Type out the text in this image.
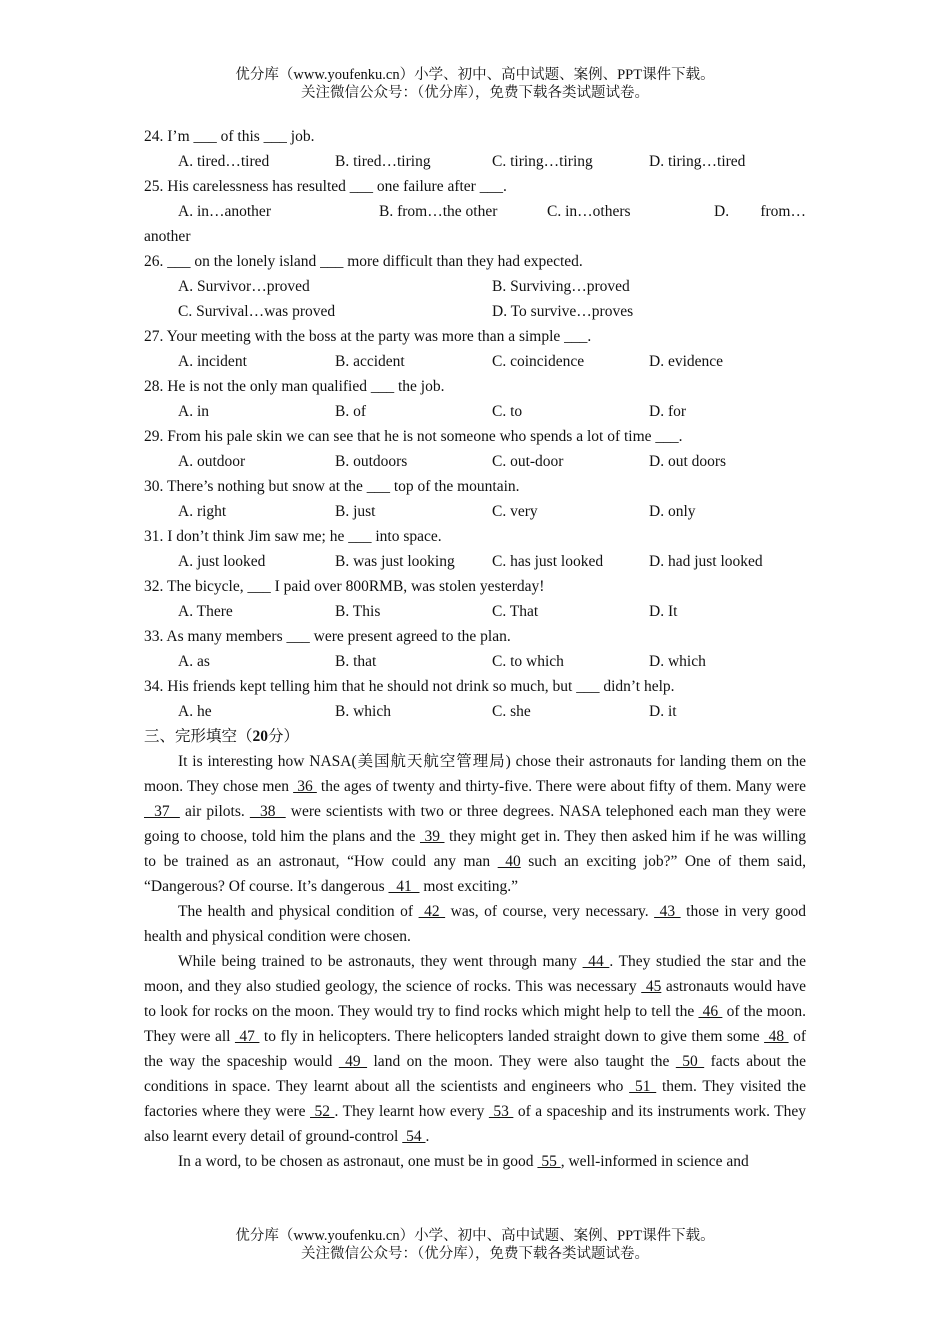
优分库（www.youfenku.cn）小学、初中、高中试题、案例、PPT课件下载。
关注微信公众号：（优分库），免费下载各类试题试卷。
24. I’m ___ of this ___ job.
A. tired…tired	B. tired…tiring	C. tiring…tiring	D. tiring…tired
25. His carelessness has resulted ___ one failure after ___.
A. in…another	B. from…the other	C. in…others	D. from…
another
26. ___ on the lonely island ___ more difficult than they had expected.
A. Survivor…proved	B. Surviving…proved
C. Survival…was proved	D. To survive…proves
27. Your meeting with the boss at the party was more than a simple ___.
A. incident	B. accident	C. coincidence	D. evidence
28. He is not the only man qualified ___ the job.
A. in	B. of	C. to	D. for
29. From his pale skin we can see that he is not someone who spends a lot of time ___.
A. outdoor	B. outdoors	C. out-door	D. out doors
30. There’s nothing but snow at the ___ top of the mountain.
A. right	B. just	C. very	D. only
31. I don’t think Jim saw me; he ___ into space.
A. just looked	B. was just looking	C. has just looked	D. had just looked
32. The bicycle, ___ I paid over 800RMB, was stolen yesterday!
A. There	B. This	C. That	D. It
33. As many members ___ were present agreed to the plan.
A. as	B. that	C. to which	D. which
34. His friends kept telling him that he should not drink so much, but ___ didn’t help.
A. he	B. which	C. she	D. it
三、完形填空（20分）

It is interesting how NASA(美国航天航空管理局) chose their astronauts for landing them on the moon. They chose men  36  the ages of twenty and thirty-five. There were about fifty of them. Many were   37   air pilots.   38   were scientists with two or three degrees. NASA telephoned each man they were going to choose, told him the plans and the  39  they might get in. They then asked him if he was willing to be trained as an astronaut, “How could any man  40 such an exciting job?” One of them said, “Dangerous? Of course. It’s dangerous   41   most exciting.”

The health and physical condition of  42  was, of course, very necessary.  43  those in very good health and physical condition were chosen.

While being trained to be astronauts, they went through many  44 . They studied the star and the moon, and they also studied geology, the science of rocks. This was necessary  45 astronauts would have to look for rocks on the moon. They would try to find rocks which might help to tell the  46  of the moon. They were all  47  to fly in helicopters. There helicopters landed straight down to give them some  48  of the way the spaceship would  49  land on the moon. They were also taught the  50  facts about the conditions in space. They learnt about all the scientists and engineers who  51  them. They visited the factories where they were  52 . They learnt how every  53  of a spaceship and its instruments work. They also learnt every detail of ground-control  54 .

In a word, to be chosen as astronaut, one must be in good  55 , well-informed in science and

优分库（www.youfenku.cn）小学、初中、高中试题、案例、PPT课件下载。
关注微信公众号：（优分库），免费下载各类试题试卷。
